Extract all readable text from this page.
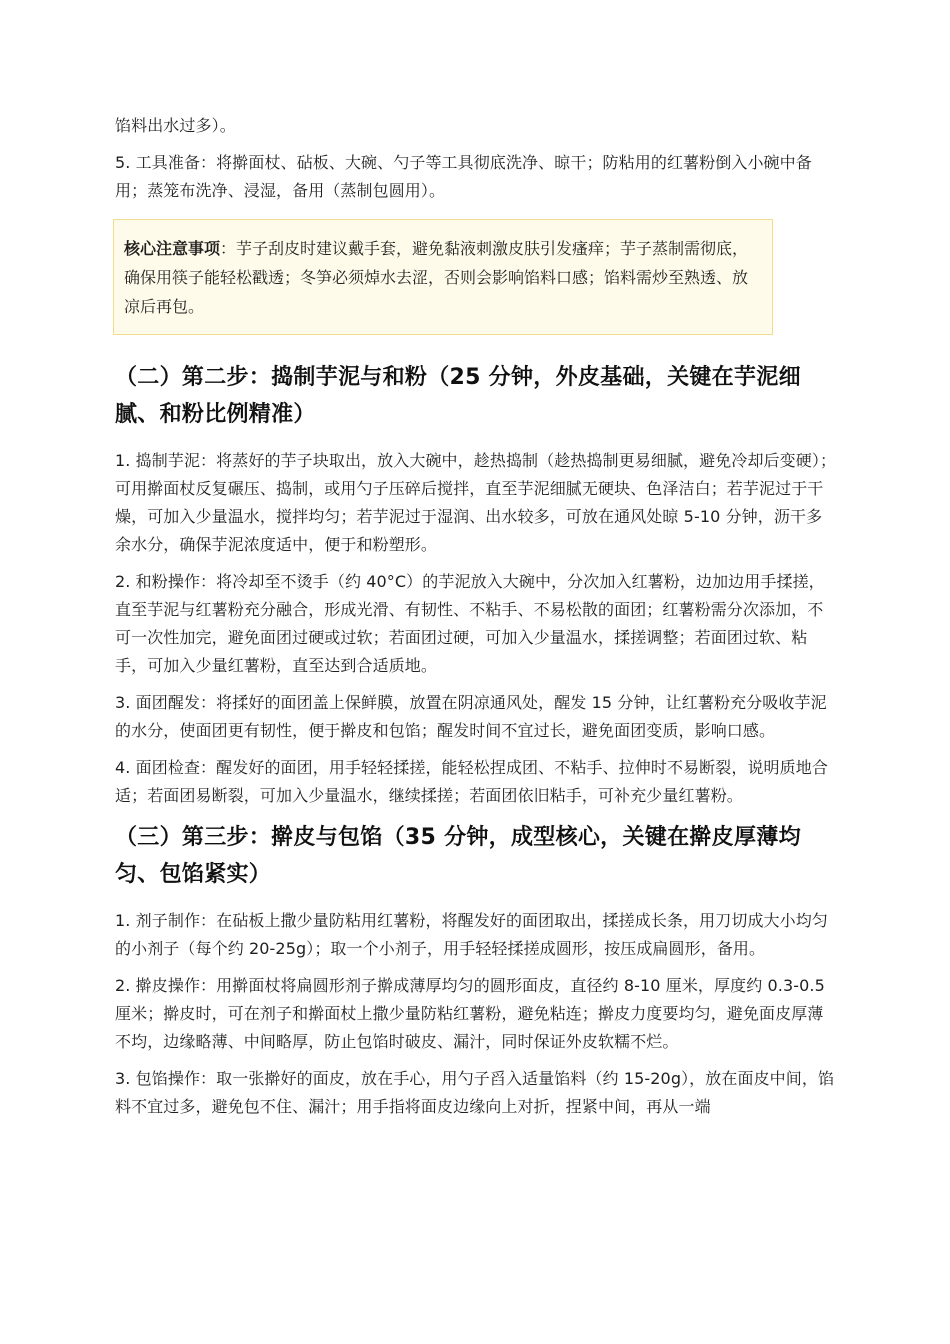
馅料出水过多）。

5. 工具准备：将擀面杖、砧板、大碗、勺子等工具彻底洗净、晾干；防粘用的红薯粉倒入小碗中备用；蒸笼布洗净、浸湿，备用（蒸制包圆用）。

核心注意事项：芋子刮皮时建议戴手套，避免黏液刺激皮肤引发瘙痒；芋子蒸制需彻底，确保用筷子能轻松戳透；冬笋必须焯水去涩，否则会影响馅料口感；馅料需炒至熟透、放凉后再包。
（二）第二步：捣制芋泥与和粉（25 分钟，外皮基础，关键在芋泥细腻、和粉比例精准）

1. 捣制芋泥：将蒸好的芋子块取出，放入大碗中，趁热捣制（趁热捣制更易细腻，避免冷却后变硬）；可用擀面杖反复碾压、捣制，或用勺子压碎后搅拌，直至芋泥细腻无硬块、色泽洁白；若芋泥过于干燥，可加入少量温水，搅拌均匀；若芋泥过于湿润、出水较多，可放在通风处晾 5-10 分钟，沥干多余水分，确保芋泥浓度适中，便于和粉塑形。

2. 和粉操作：将冷却至不烫手（约 40°C）的芋泥放入大碗中，分次加入红薯粉，边加边用手揉搓，直至芋泥与红薯粉充分融合，形成光滑、有韧性、不粘手、不易松散的面团；红薯粉需分次添加，不可一次性加完，避免面团过硬或过软；若面团过硬，可加入少量温水，揉搓调整；若面团过软、粘手，可加入少量红薯粉，直至达到合适质地。

3. 面团醒发：将揉好的面团盖上保鲜膜，放置在阴凉通风处，醒发 15 分钟，让红薯粉充分吸收芋泥的水分，使面团更有韧性，便于擀皮和包馅；醒发时间不宜过长，避免面团变质，影响口感。

4. 面团检查：醒发好的面团，用手轻轻揉搓，能轻松捏成团、不粘手、拉伸时不易断裂，说明质地合适；若面团易断裂，可加入少量温水，继续揉搓；若面团依旧粘手，可补充少量红薯粉。

（三）第三步：擀皮与包馅（35 分钟，成型核心，关键在擀皮厚薄均匀、包馅紧实）

1. 剂子制作：在砧板上撒少量防粘用红薯粉，将醒发好的面团取出，揉搓成长条，用刀切成大小均匀的小剂子（每个约 20-25g）；取一个小剂子，用手轻轻揉搓成圆形，按压成扁圆形，备用。

2. 擀皮操作：用擀面杖将扁圆形剂子擀成薄厚均匀的圆形面皮，直径约 8-10 厘米，厚度约 0.3-0.5 厘米；擀皮时，可在剂子和擀面杖上撒少量防粘红薯粉，避免粘连；擀皮力度要均匀，避免面皮厚薄不均，边缘略薄、中间略厚，防止包馅时破皮、漏汁，同时保证外皮软糯不烂。

3. 包馅操作：取一张擀好的面皮，放在手心，用勺子舀入适量馅料（约 15-20g），放在面皮中间，馅料不宜过多，避免包不住、漏汁；用手指将面皮边缘向上对折，捏紧中间，再从一端
